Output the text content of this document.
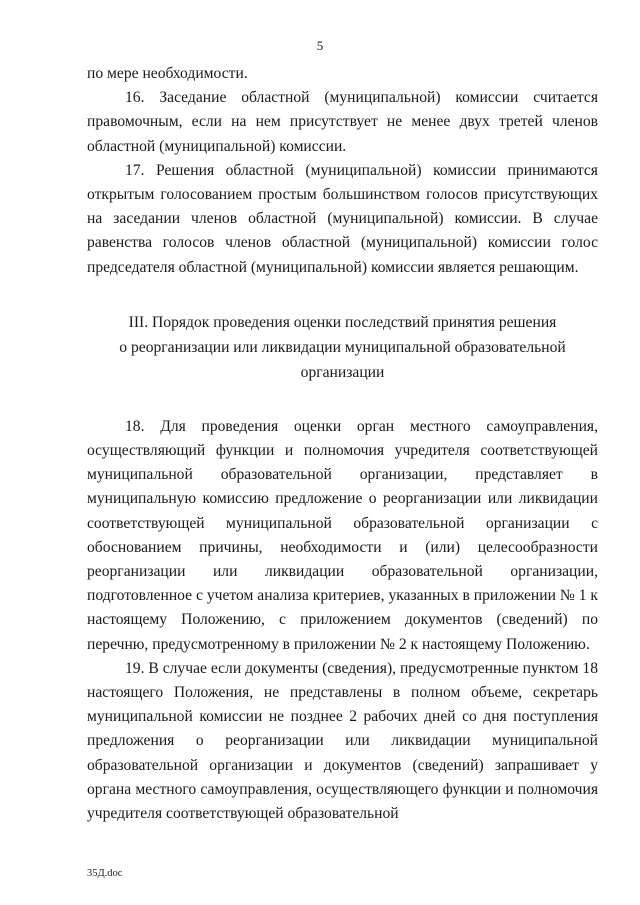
5

по мере необходимости.

16. Заседание областной (муниципальной) комиссии считается правомочным, если на нем присутствует не менее двух третей членов областной (муниципальной) комиссии.

17. Решения областной (муниципальной) комиссии принимаются открытым голосованием простым большинством голосов присутствующих на заседании членов областной (муниципальной) комиссии. В случае равенства голосов членов областной (муниципальной) комиссии голос председателя областной (муниципальной) комиссии является решающим.

III. Порядок проведения оценки последствий принятия решения
о реорганизации или ликвидации муниципальной образовательной
организации

18. Для проведения оценки орган местного самоуправления, осуществляющий функции и полномочия учредителя соответствующей муниципальной образовательной организации, представляет в муниципальную комиссию предложение о реорганизации или ликвидации соответствующей муниципальной образовательной организации с обоснованием причины, необходимости и (или) целесообразности реорганизации или ликвидации образовательной организации, подготовленное с учетом анализа критериев, указанных в приложении № 1 к настоящему Положению, с приложением документов (сведений) по перечню, предусмотренному в приложении № 2 к настоящему Положению.

19. В случае если документы (сведения), предусмотренные пунктом 18 настоящего Положения, не представлены в полном объеме, секретарь муниципальной комиссии не позднее 2 рабочих дней со дня поступления предложения о реорганизации или ликвидации муниципальной образовательной организации и документов (сведений) запрашивает у органа местного самоуправления, осуществляющего функции и полномочия учредителя соответствующей образовательной

35Д.doc
